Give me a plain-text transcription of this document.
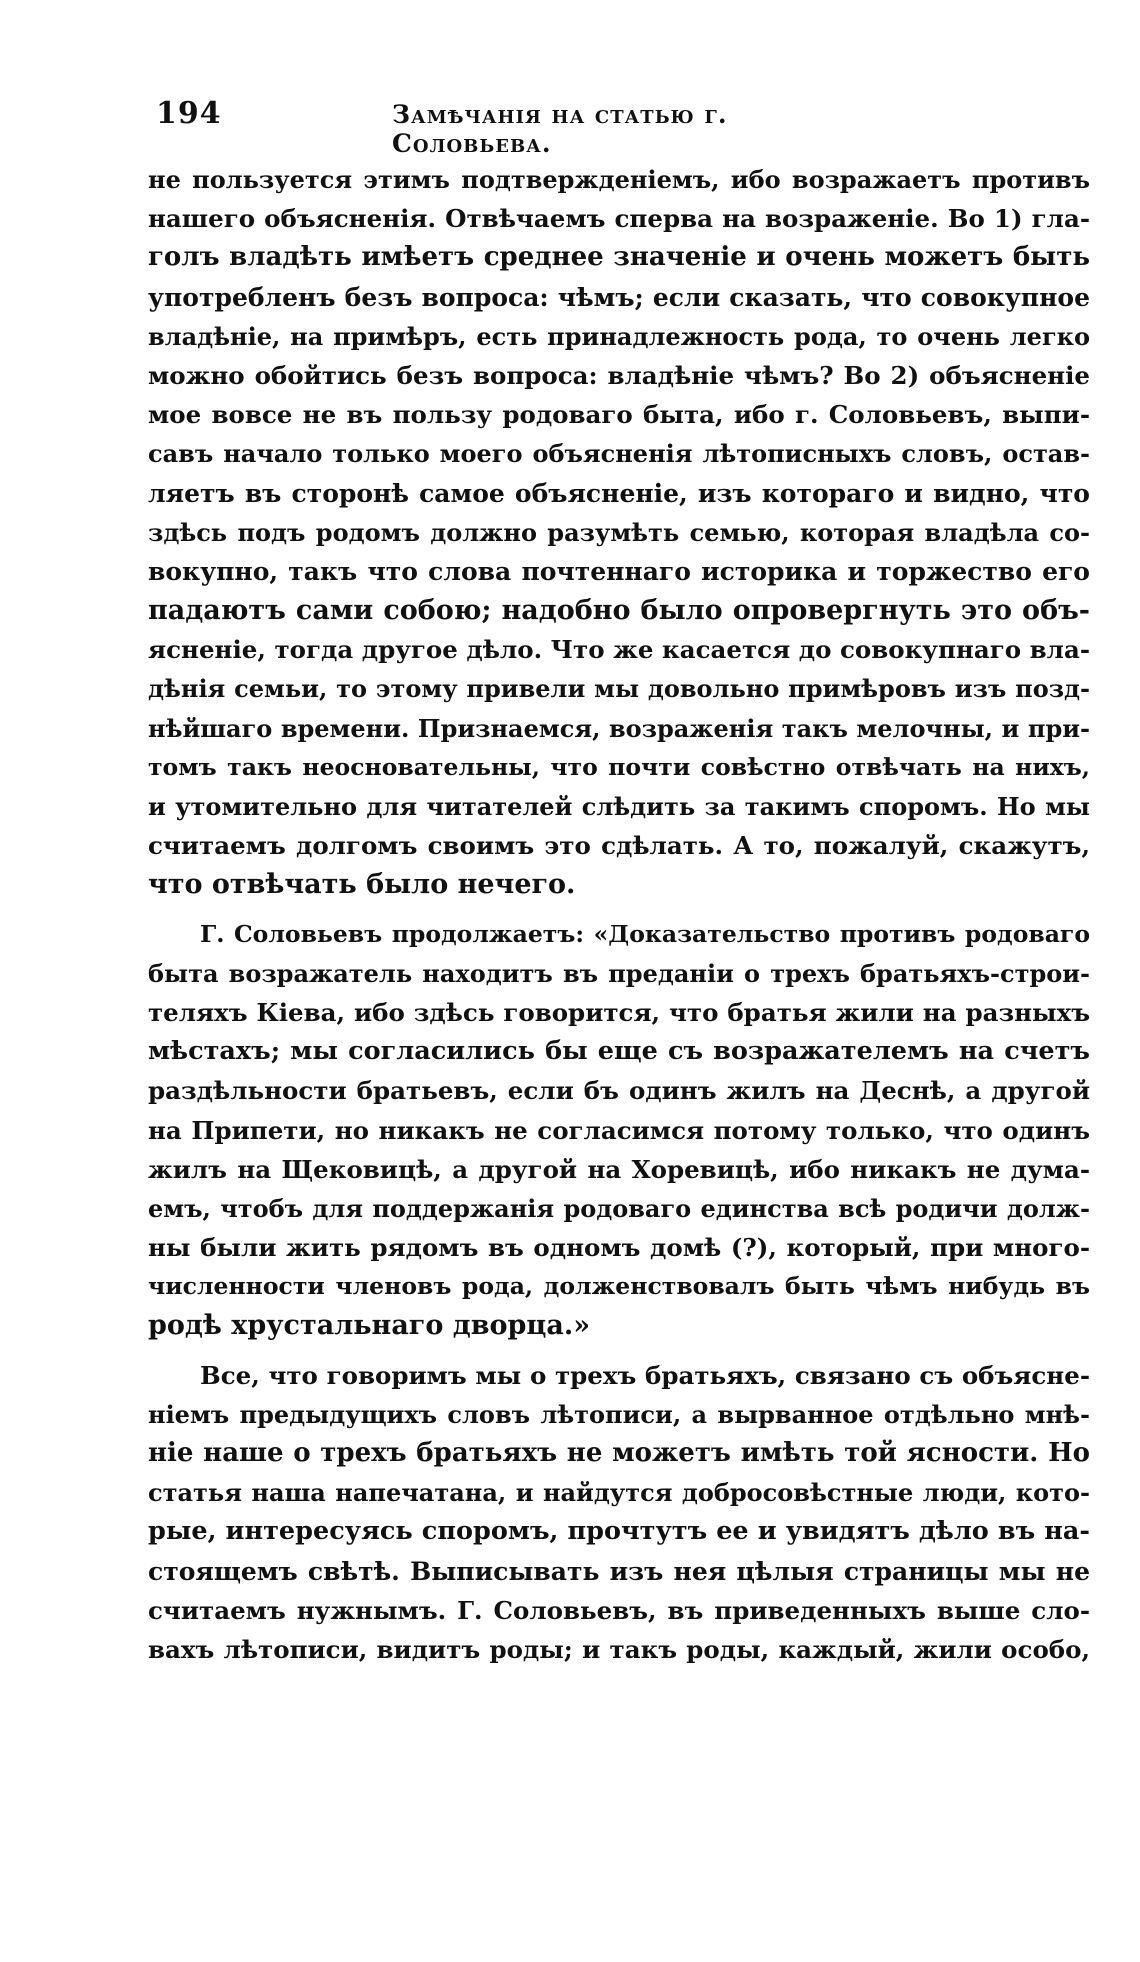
194	Замѣчанія на статью г. Соловьева.
не пользуется этимъ подтвержденіемъ, ибо возражаетъ противъ
нашего объясненія. Отвѣчаемъ сперва на возраженіе. Во 1) гла-
голъ владѣть имѣетъ среднее значеніе и очень можетъ быть
употребленъ безъ вопроса: чѣмъ; если сказать, что совокупное
владѣніе, на примѣръ, есть принадлежность рода, то очень легко
можно обойтись безъ вопроса: владѣніе чѣмъ? Во 2) объясненіе
мое вовсе не въ пользу родоваго быта, ибо г. Соловьевъ, выпи-
савъ начало только моего объясненія лѣтописныхъ словъ, остав-
ляетъ въ сторонѣ самое объясненіе, изъ котораго и видно, что
здѣсь подъ родомъ должно разумѣть семью, которая владѣла со-
вокупно, такъ что слова почтеннаго историка и торжество его
падаютъ сами собою; надобно было опровергнуть это объ-
ясненіе, тогда другое дѣло. Что же касается до совокупнаго вла-
дѣнія семьи, то этому привели мы довольно примѣровъ изъ позд-
нѣйшаго времени. Признаемся, возраженія такъ мелочны, и при-
томъ такъ неосновательны, что почти совѣстно отвѣчать на нихъ,
и утомительно для читателей слѣдить за такимъ споромъ. Но мы
считаемъ долгомъ своимъ это сдѣлать. А то, пожалуй, скажутъ,
что отвѣчать было нечего.
Г. Соловьевъ продолжаетъ: «Доказательство противъ родоваго
быта возражатель находитъ въ преданіи о трехъ братьяхъ-строи-
теляхъ Кіева, ибо здѣсь говорится, что братья жили на разныхъ
мѣстахъ; мы согласились бы еще съ возражателемъ на счетъ
раздѣльности братьевъ, если бъ одинъ жилъ на Деснѣ, а другой
на Припети, но никакъ не согласимся потому только, что одинъ
жилъ на Щековицѣ, а другой на Хоревицѣ, ибо никакъ не дума-
емъ, чтобъ для поддержанія родоваго единства всѣ родичи долж-
ны были жить рядомъ въ одномъ домѣ (?), который, при много-
численности членовъ рода, долженствовалъ быть чѣмъ нибудь въ
родѣ хрустальнаго дворца.»
Все, что говоримъ мы о трехъ братьяхъ, связано съ объясне-
ніемъ предыдущихъ словъ лѣтописи, а вырванное отдѣльно мнѣ-
ніе наше о трехъ братьяхъ не можетъ имѣть той ясности. Но
статья наша напечатана, и найдутся добросовѣстные люди, кото-
рые, интересуясь споромъ, прочтутъ ее и увидятъ дѣло въ на-
стоящемъ свѣтѣ. Выписывать изъ нея цѣлыя страницы мы не
считаемъ нужнымъ. Г. Соловьевъ, въ приведенныхъ выше сло-
вахъ лѣтописи, видитъ роды; и такъ роды, каждый, жили особо,
